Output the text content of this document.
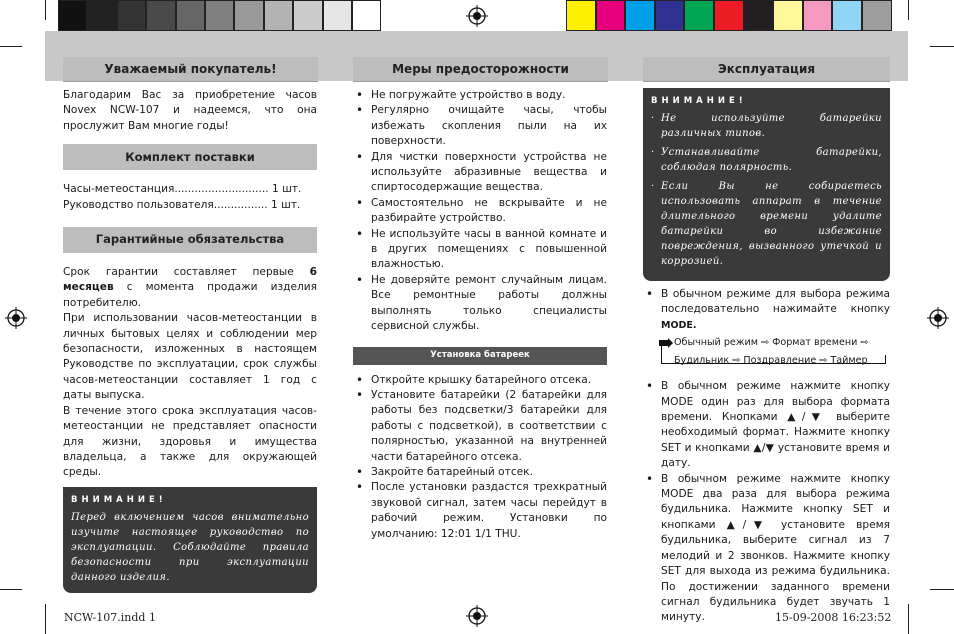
Уважаемый покупатель!	Меры предосторожности	Эксплуатация

Благодарим Вас за приобретение часов Novex NCW-107 и надеемся, что она прослужит Вам многие годы!

Комплект поставки

Часы-метеостанция............................ 1 шт.

Руководство пользователя................ 1 шт.

Гарантийные обязательства

Срок гарантии составляет первые 6 месяцев с момента продажи изделия потребителю.

При использовании часов-метеостанции в личных бытовых целях и соблюдении мер безопасности, изложенных в настоящем Руководстве по эксплуатации, срок службы часов-метеостанции составляет 1 год с даты выпуска.

В течение этого срока эксплуатация часов-метеостанции не представляет опасности для жизни, здоровья и имущества владельца, а также для окружающей среды.

ВНИМАНИЕ!
Перед включением часов внимательно изучите настоящее руководство по эксплуатации. Соблюдайте правила безопасности при эксплуатации данного изделия.
• Не погружайте устройство в воду.
• Регулярно очищайте часы, чтобы избежать скопления пыли на их поверхности.
• Для чистки поверхности устройства не используйте абразивные вещества и спиртосодержащие вещества.
• Самостоятельно не вскрывайте и не разбирайте устройство.
• Не используйте часы в ванной комнате и в других помещениях с повышенной влажностью.
• Не доверяйте ремонт случайным лицам. Все ремонтные работы должны выполнять только специалисты сервисной службы.
Установка батареек
• Откройте крышку батарейного отсека.
• Установите батарейки (2 батарейки для работы без подсветки/3 батарейки для работы с подсветкой), в соответствии с полярностью, указанной на внутренней части батарейного отсека.
• Закройте батарейный отсек.
• После установки раздастся трехкратный звуковой сигнал, затем часы перейдут в рабочий режим. Установки по умолчанию: 12:01 1/1 THU.
ВНИМАНИЕ!
· Не используйте батарейки различных типов.
· Устанавливайте батарейки, соблюдая полярность.
· Если Вы не собираетесь использовать аппарат в течение длительного времени удалите батарейки во избежание повреждения, вызванного утечкой и коррозией.
• В обычном режиме для выбора режима последовательно нажимайте кнопку MODE.
Обычный режим ⇨ Формат времени ⇨
Будильник ⇨ Поздравление ⇨ Таймер
• В обычном режиме нажмите кнопку MODE один раз для выбора формата времени. Кнопками ▲/▼ выберите необходимый формат. Нажмите кнопку SET и кнопками ▲/▼ установите время и дату.
• В обычном режиме нажмите кнопку MODE два раза для выбора режима будильника. Нажмите кнопку SET и кнопками ▲/▼ установите время будильника, выберите сигнал из 7 мелодий и 2 звонков. Нажмите кнопку SET для выхода из режима будильника. По достижении заданного времени сигнал будильника будет звучать 1 минуту.
NCW-107.indd 1	15-09-2008 16:23:52
